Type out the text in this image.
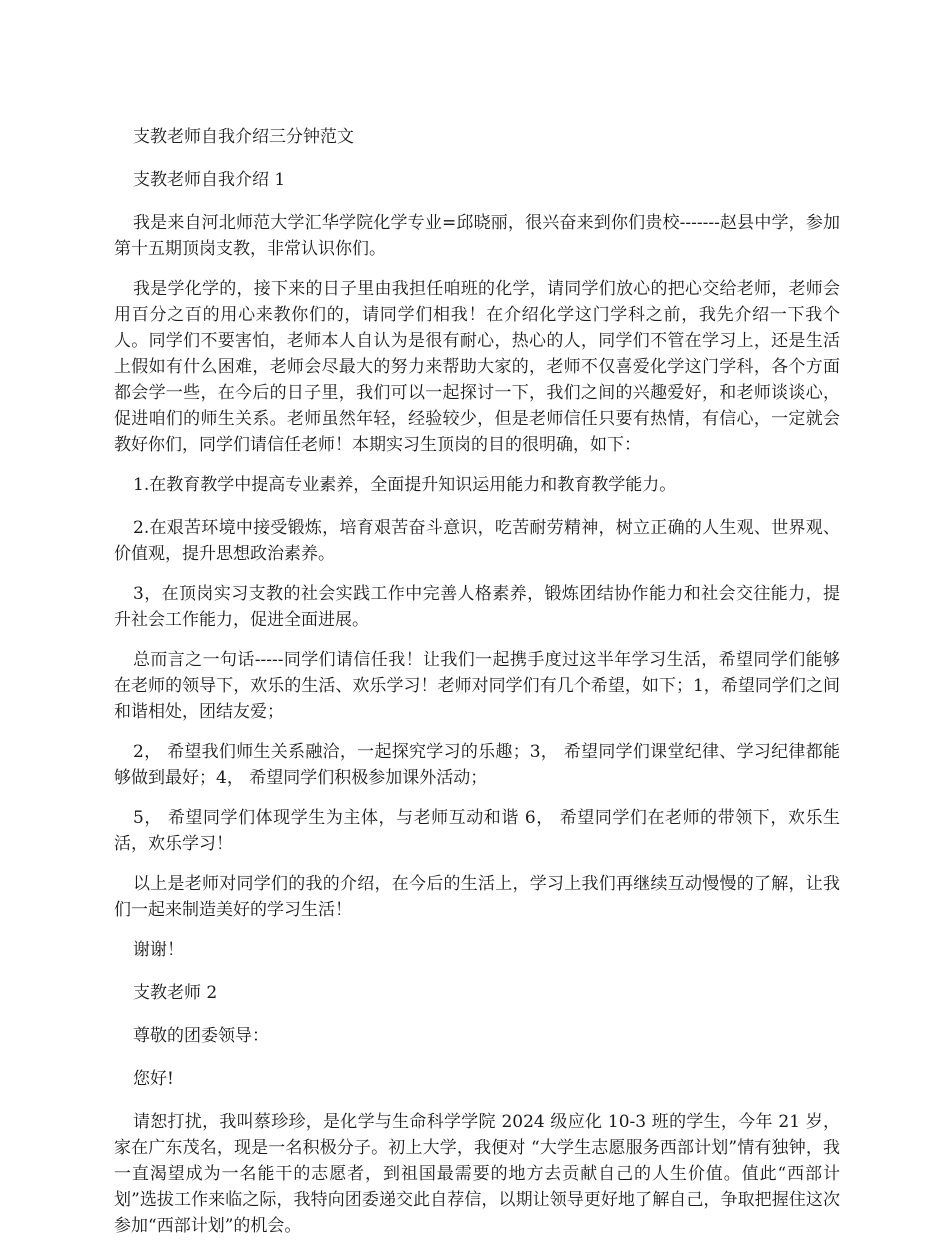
支教老师自我介绍三分钟范文

支教老师自我介绍 1

我是来自河北师范大学汇华学院化学专业=邱晓丽，很兴奋来到你们贵校-------赵县中学，参加第十五期顶岗支教，非常认识你们。

我是学化学的，接下来的日子里由我担任咱班的化学，请同学们放心的把心交给老师，老师会用百分之百的用心来教你们的，请同学们相我！在介绍化学这门学科之前，我先介绍一下我个人。同学们不要害怕，老师本人自认为是很有耐心，热心的人，同学们不管在学习上，还是生活上假如有什么困难，老师会尽最大的努力来帮助大家的，老师不仅喜爱化学这门学科，各个方面都会学一些，在今后的日子里，我们可以一起探讨一下，我们之间的兴趣爱好，和老师谈谈心，促进咱们的师生关系。老师虽然年轻，经验较少，但是老师信任只要有热情，有信心，一定就会教好你们，同学们请信任老师！本期实习生顶岗的目的很明确，如下：

1.在教育教学中提高专业素养，全面提升知识运用能力和教育教学能力。

2.在艰苦环境中接受锻炼，培育艰苦奋斗意识，吃苦耐劳精神，树立正确的人生观、世界观、价值观，提升思想政治素养。

3，在顶岗实习支教的社会实践工作中完善人格素养，锻炼团结协作能力和社会交往能力，提升社会工作能力，促进全面进展。

总而言之一句话-----同学们请信任我！让我们一起携手度过这半年学习生活，希望同学们能够在老师的领导下，欢乐的生活、欢乐学习！老师对同学们有几个希望，如下；1，希望同学们之间和谐相处，团结友爱；

2， 希望我们师生关系融洽，一起探究学习的乐趣；3， 希望同学们课堂纪律、学习纪律都能够做到最好；4， 希望同学们积极参加课外活动；

5， 希望同学们体现学生为主体，与老师互动和谐 6， 希望同学们在老师的带领下，欢乐生活，欢乐学习！

以上是老师对同学们的我的介绍，在今后的生活上，学习上我们再继续互动慢慢的了解，让我们一起来制造美好的学习生活！

谢谢！

支教老师 2

尊敬的团委领导：

您好!

请恕打扰，我叫蔡珍珍，是化学与生命科学学院 2024 级应化 10-3 班的学生，今年 21 岁，家在广东茂名，现是一名积极分子。初上大学，我便对 “大学生志愿服务西部计划”情有独钟，我一直渴望成为一名能干的志愿者，到祖国最需要的地方去贡献自己的人生价值。值此“西部计划”选拔工作来临之际，我特向团委递交此自荐信，以期让领导更好地了解自己，争取把握住这次参加“西部计划”的机会。
